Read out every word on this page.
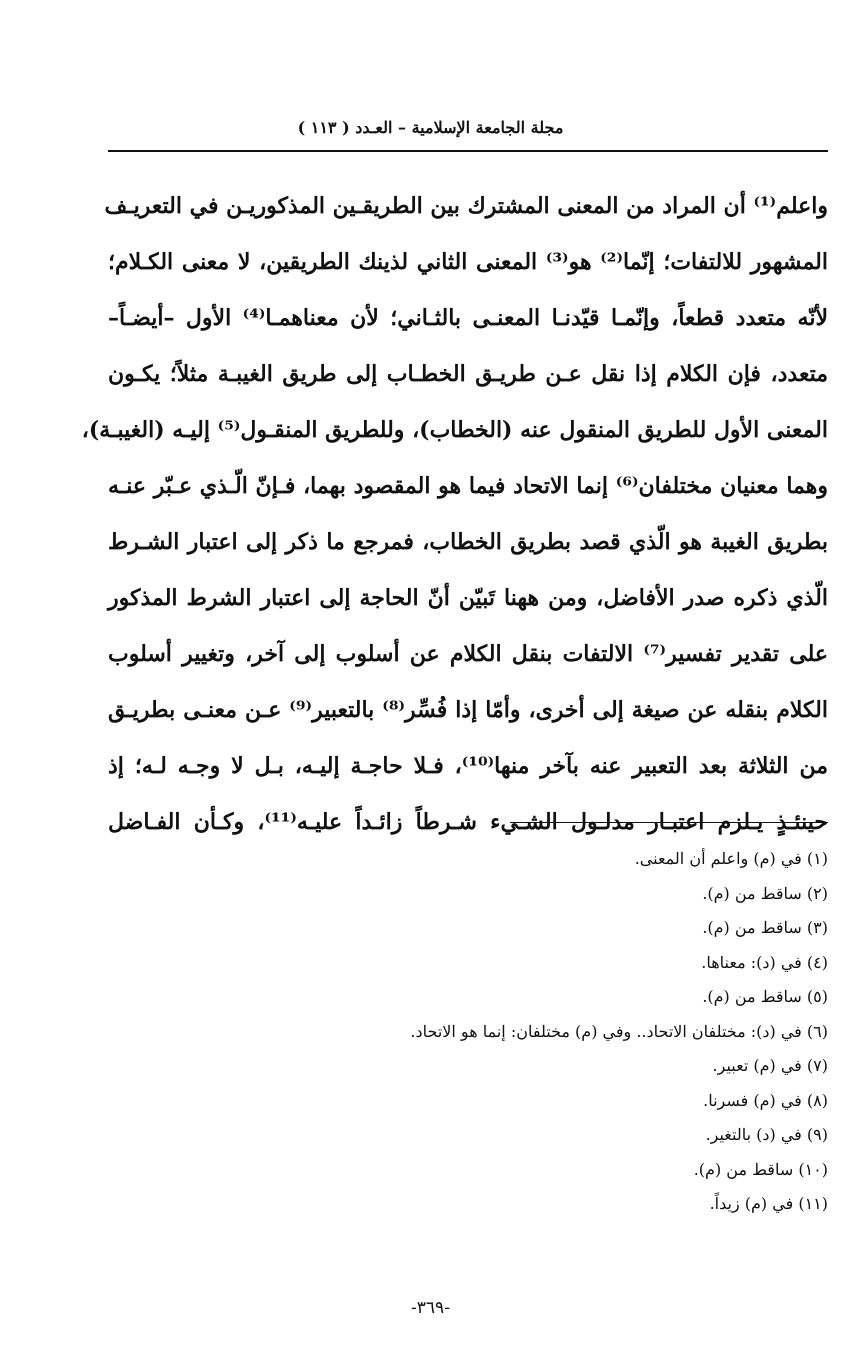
مجلة الجامعة الإسلامية – العـدد ( ١١٣ )
واعلم⁽¹⁾ أن المراد من المعنى المشترك بين الطريقـين المذكوريـن في التعريـف
المشهور للالتفات؛ إنّما⁽²⁾ هو⁽³⁾ المعنى الثاني لذينك الطريقين، لا معنى الكـلام؛
لأنّه متعدد قطعاً، وإنّمـا قيّدنـا المعنـى بالثـاني؛ لأن معناهمـا⁽⁴⁾ الأول –أيضـاً–
متعدد، فإن الكلام إذا نقل عـن طريـق الخطـاب إلى طريق الغيبـة مثلاً؛ يكـون
المعنى الأول للطريق المنقول عنه (الخطاب)، وللطريق المنقـول⁽⁵⁾ إليـه (الغيبـة)،
وهما معنيان مختلفان⁽⁶⁾ إنما الاتحاد فيما هو المقصود بهما، فـإنّ الّـذي عـبّر عنـه
بطريق الغيبة هو الّذي قصد بطريق الخطاب، فمرجع ما ذكر إلى اعتبار الشـرط
الّذي ذكره صدر الأفاضل، ومن ههنا تَبيّن أنّ الحاجة إلى اعتبار الشرط المذكور
على تقدير تفسير⁽⁷⁾ الالتفات بنقل الكلام عن أسلوب إلى آخر، وتغيير أسلوب
الكلام بنقله عن صيغة إلى أخرى، وأمّا إذا فُسِّر⁽⁸⁾ بالتعبير⁽⁹⁾ عـن معنـى بطريـق
من الثلاثة بعد التعبير عنه بآخر منها⁽¹⁰⁾، فـلا حاجـة إليـه، بـل لا وجـه لـه؛ إذ
حينئـذٍ يـلزم اعتبـار مدلـول الشـيء شـرطاً زائـداً عليـه⁽¹¹⁾، وكـأن الفـاضل
(١) في (م) واعلم أن المعنى.
(٢) ساقط من (م).
(٣) ساقط من (م).
(٤) في (د): معناها.
(٥) ساقط من (م).
(٦) في (د): مختلفان الاتحاد.. وفي (م) مختلفان: إنما هو الاتحاد.
(٧) في (م) تعبير.
(٨) في (م) فسرنا.
(٩) في (د) بالتغير.
(١٠) ساقط من (م).
(١١) في (م) زيداً.
-٣٦٩-
